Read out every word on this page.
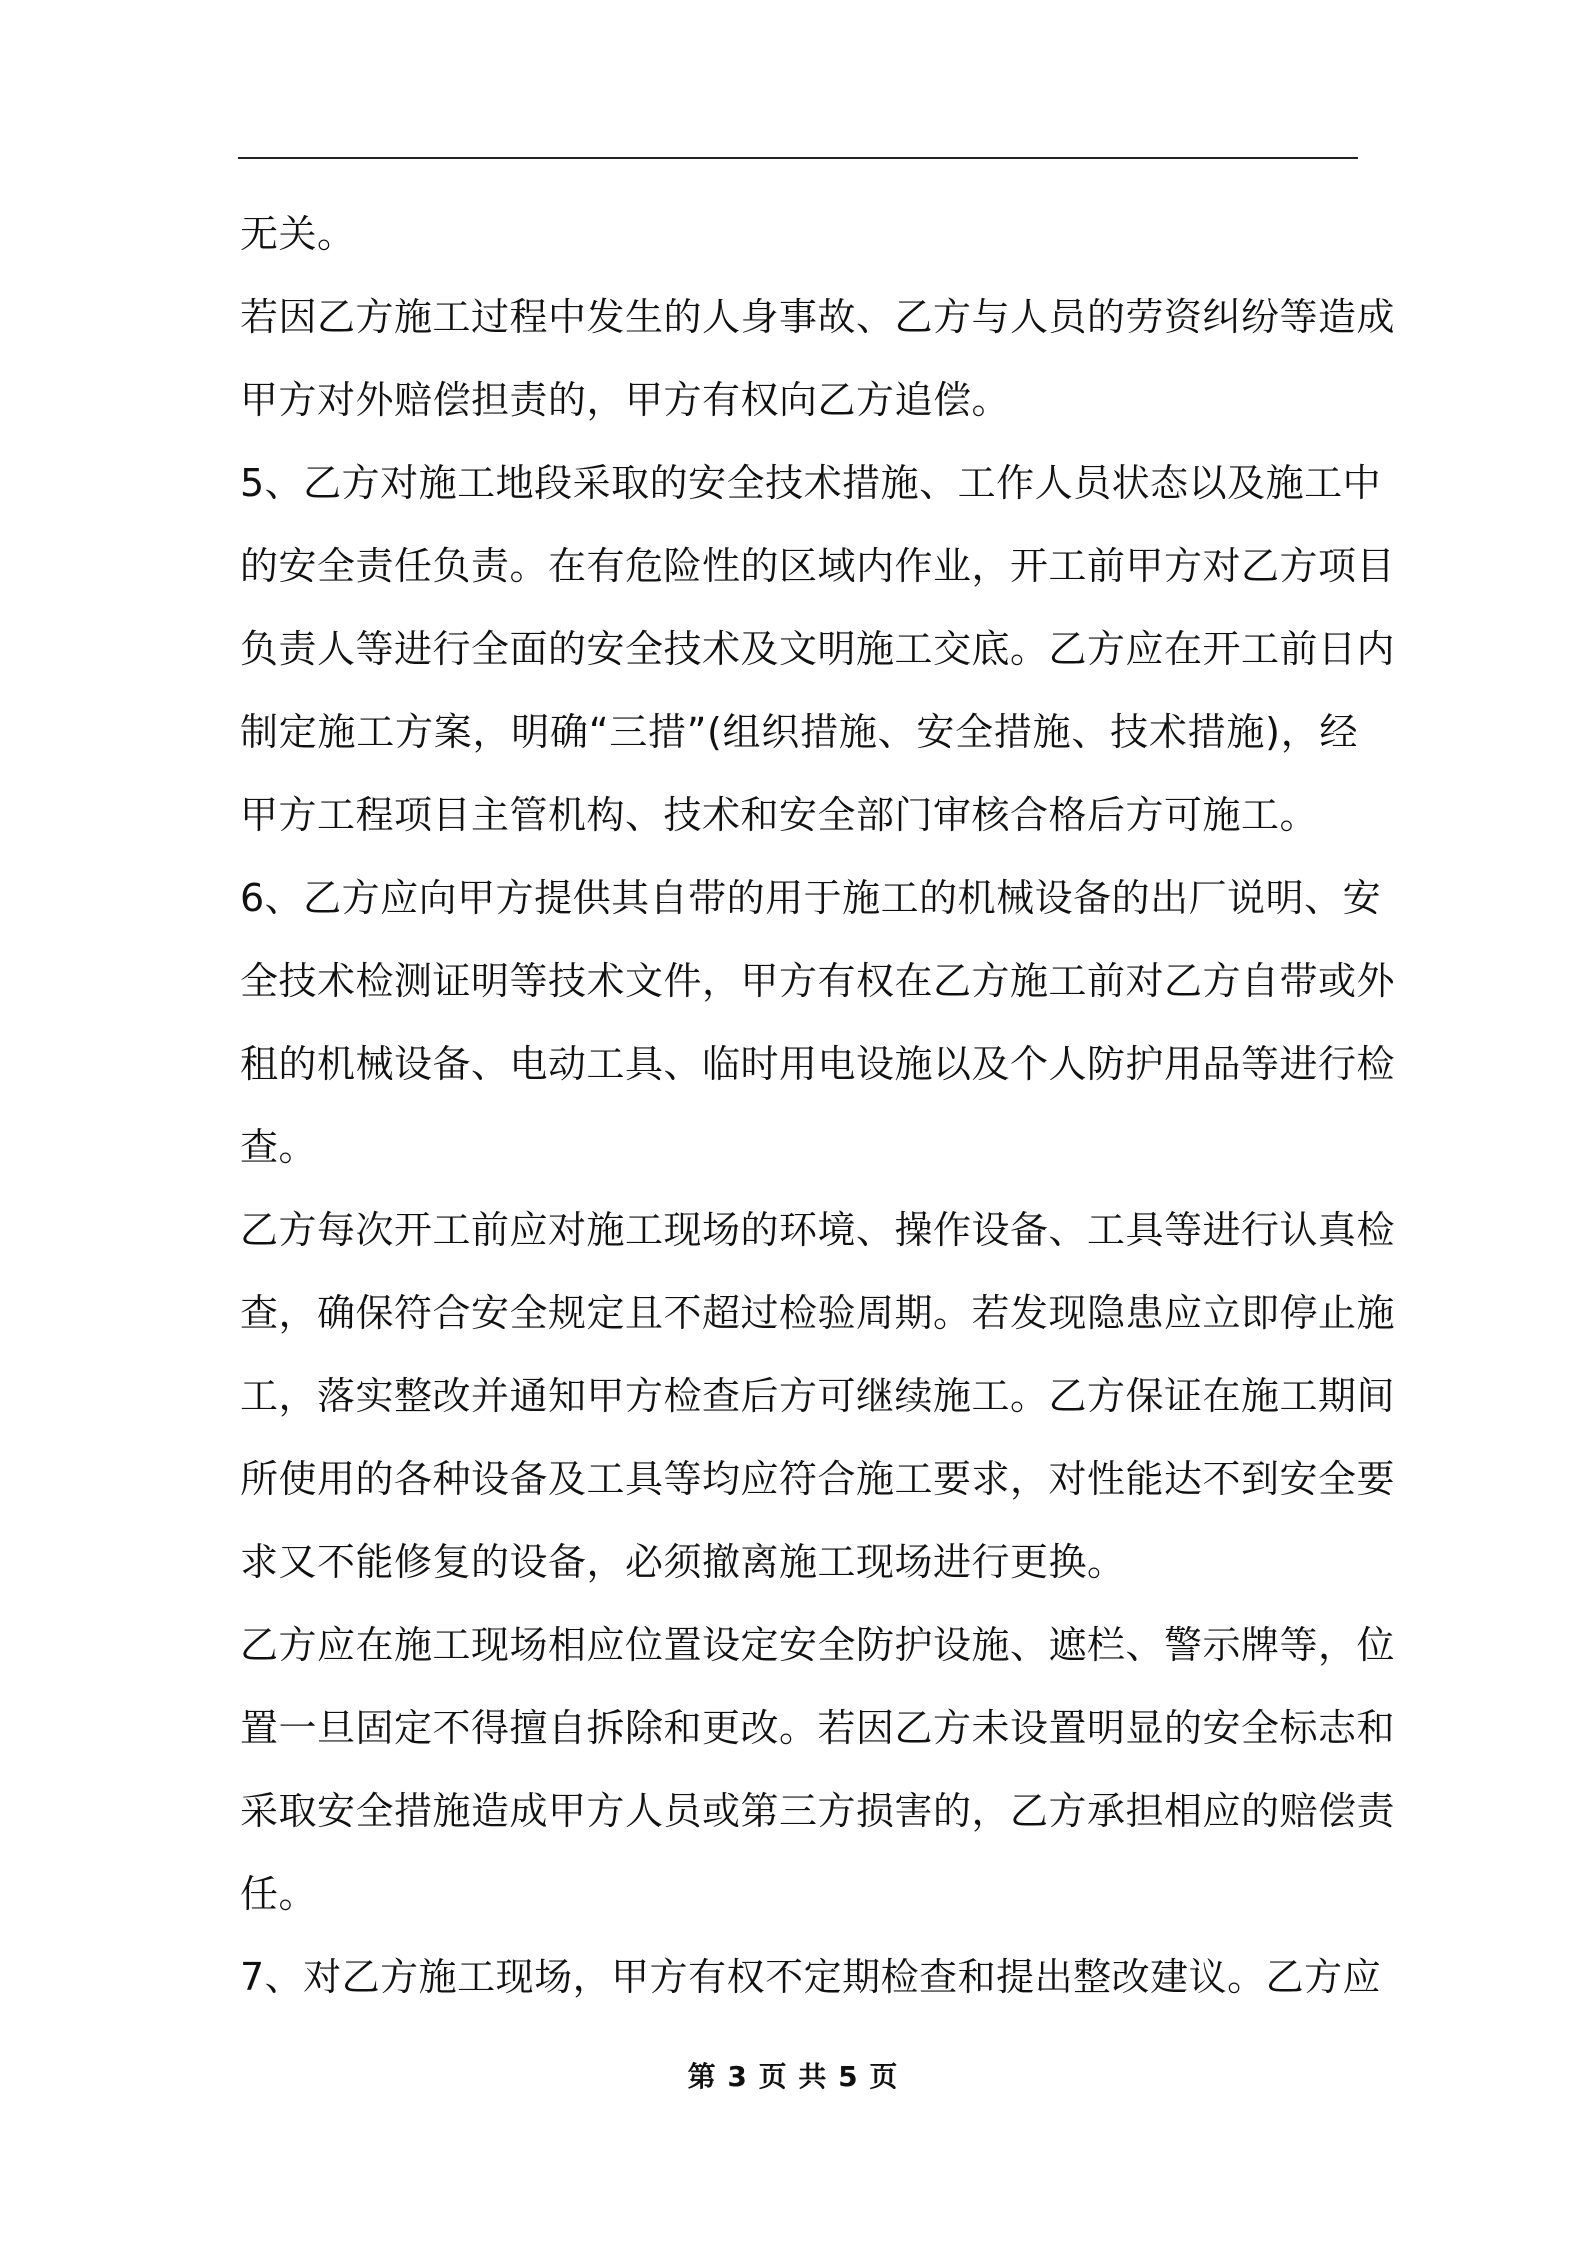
无关。
若因乙方施工过程中发生的人身事故、乙方与人员的劳资纠纷等造成
甲方对外赔偿担责的，甲方有权向乙方追偿。
5、乙方对施工地段采取的安全技术措施、工作人员状态以及施工中
的安全责任负责。在有危险性的区域内作业，开工前甲方对乙方项目
负责人等进行全面的安全技术及文明施工交底。乙方应在开工前日内
制定施工方案，明确“三措”(组织措施、安全措施、技术措施)，经
甲方工程项目主管机构、技术和安全部门审核合格后方可施工。
6、乙方应向甲方提供其自带的用于施工的机械设备的出厂说明、安
全技术检测证明等技术文件，甲方有权在乙方施工前对乙方自带或外
租的机械设备、电动工具、临时用电设施以及个人防护用品等进行检
查。
乙方每次开工前应对施工现场的环境、操作设备、工具等进行认真检
查，确保符合安全规定且不超过检验周期。若发现隐患应立即停止施
工，落实整改并通知甲方检查后方可继续施工。乙方保证在施工期间
所使用的各种设备及工具等均应符合施工要求，对性能达不到安全要
求又不能修复的设备，必须撤离施工现场进行更换。
乙方应在施工现场相应位置设定安全防护设施、遮栏、警示牌等，位
置一旦固定不得擅自拆除和更改。若因乙方未设置明显的安全标志和
采取安全措施造成甲方人员或第三方损害的，乙方承担相应的赔偿责
任。
7、对乙方施工现场，甲方有权不定期检查和提出整改建议。乙方应
第 3 页 共 5 页
